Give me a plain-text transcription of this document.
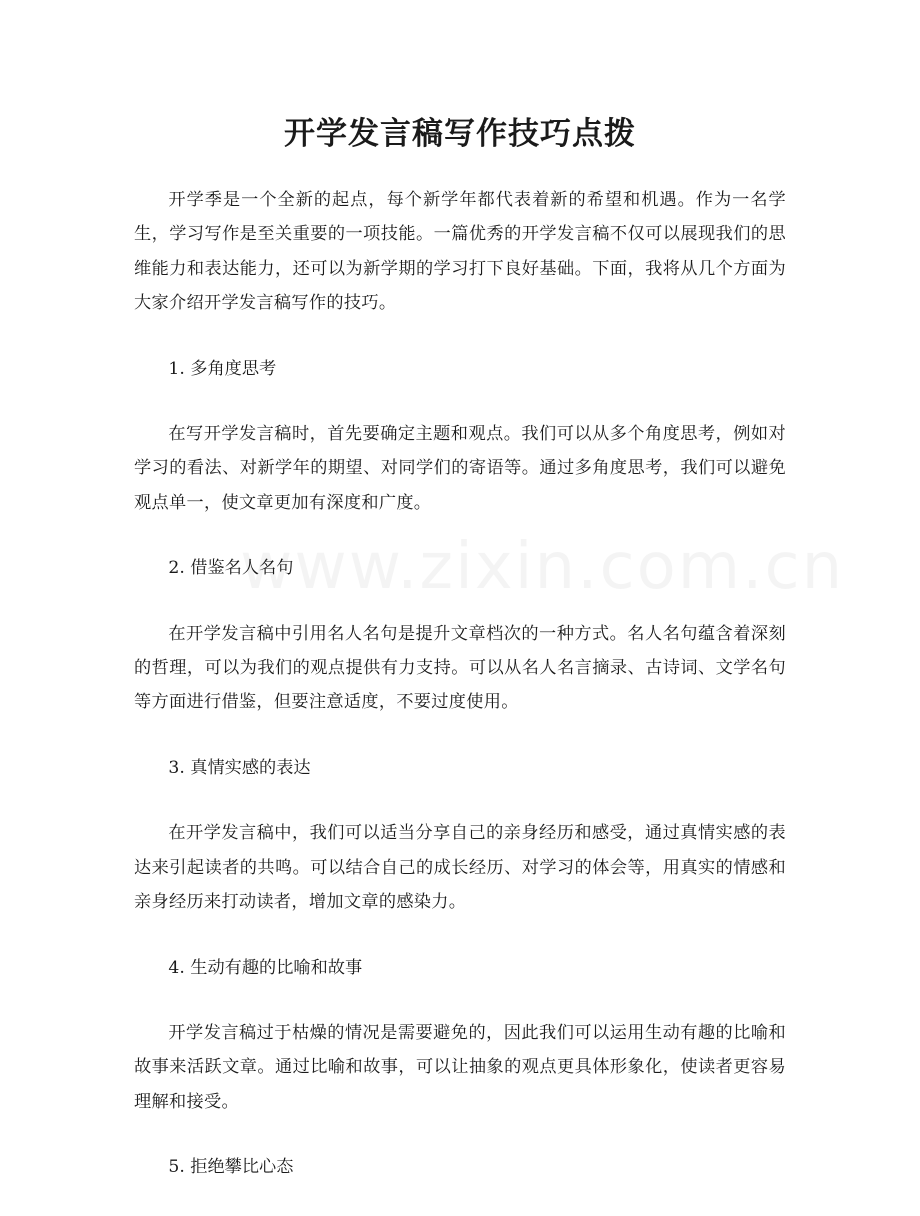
开学发言稿写作技巧点拨

开学季是一个全新的起点，每个新学年都代表着新的希望和机遇。作为一名学生，学习写作是至关重要的一项技能。一篇优秀的开学发言稿不仅可以展现我们的思维能力和表达能力，还可以为新学期的学习打下良好基础。下面，我将从几个方面为大家介绍开学发言稿写作的技巧。

1. 多角度思考

在写开学发言稿时，首先要确定主题和观点。我们可以从多个角度思考，例如对学习的看法、对新学年的期望、对同学们的寄语等。通过多角度思考，我们可以避免观点单一，使文章更加有深度和广度。

2. 借鉴名人名句

在开学发言稿中引用名人名句是提升文章档次的一种方式。名人名句蕴含着深刻的哲理，可以为我们的观点提供有力支持。可以从名人名言摘录、古诗词、文学名句等方面进行借鉴，但要注意适度，不要过度使用。

3. 真情实感的表达

在开学发言稿中，我们可以适当分享自己的亲身经历和感受，通过真情实感的表达来引起读者的共鸣。可以结合自己的成长经历、对学习的体会等，用真实的情感和亲身经历来打动读者，增加文章的感染力。

4. 生动有趣的比喻和故事

开学发言稿过于枯燥的情况是需要避免的，因此我们可以运用生动有趣的比喻和故事来活跃文章。通过比喻和故事，可以让抽象的观点更具体形象化，使读者更容易理解和接受。

5. 拒绝攀比心态
